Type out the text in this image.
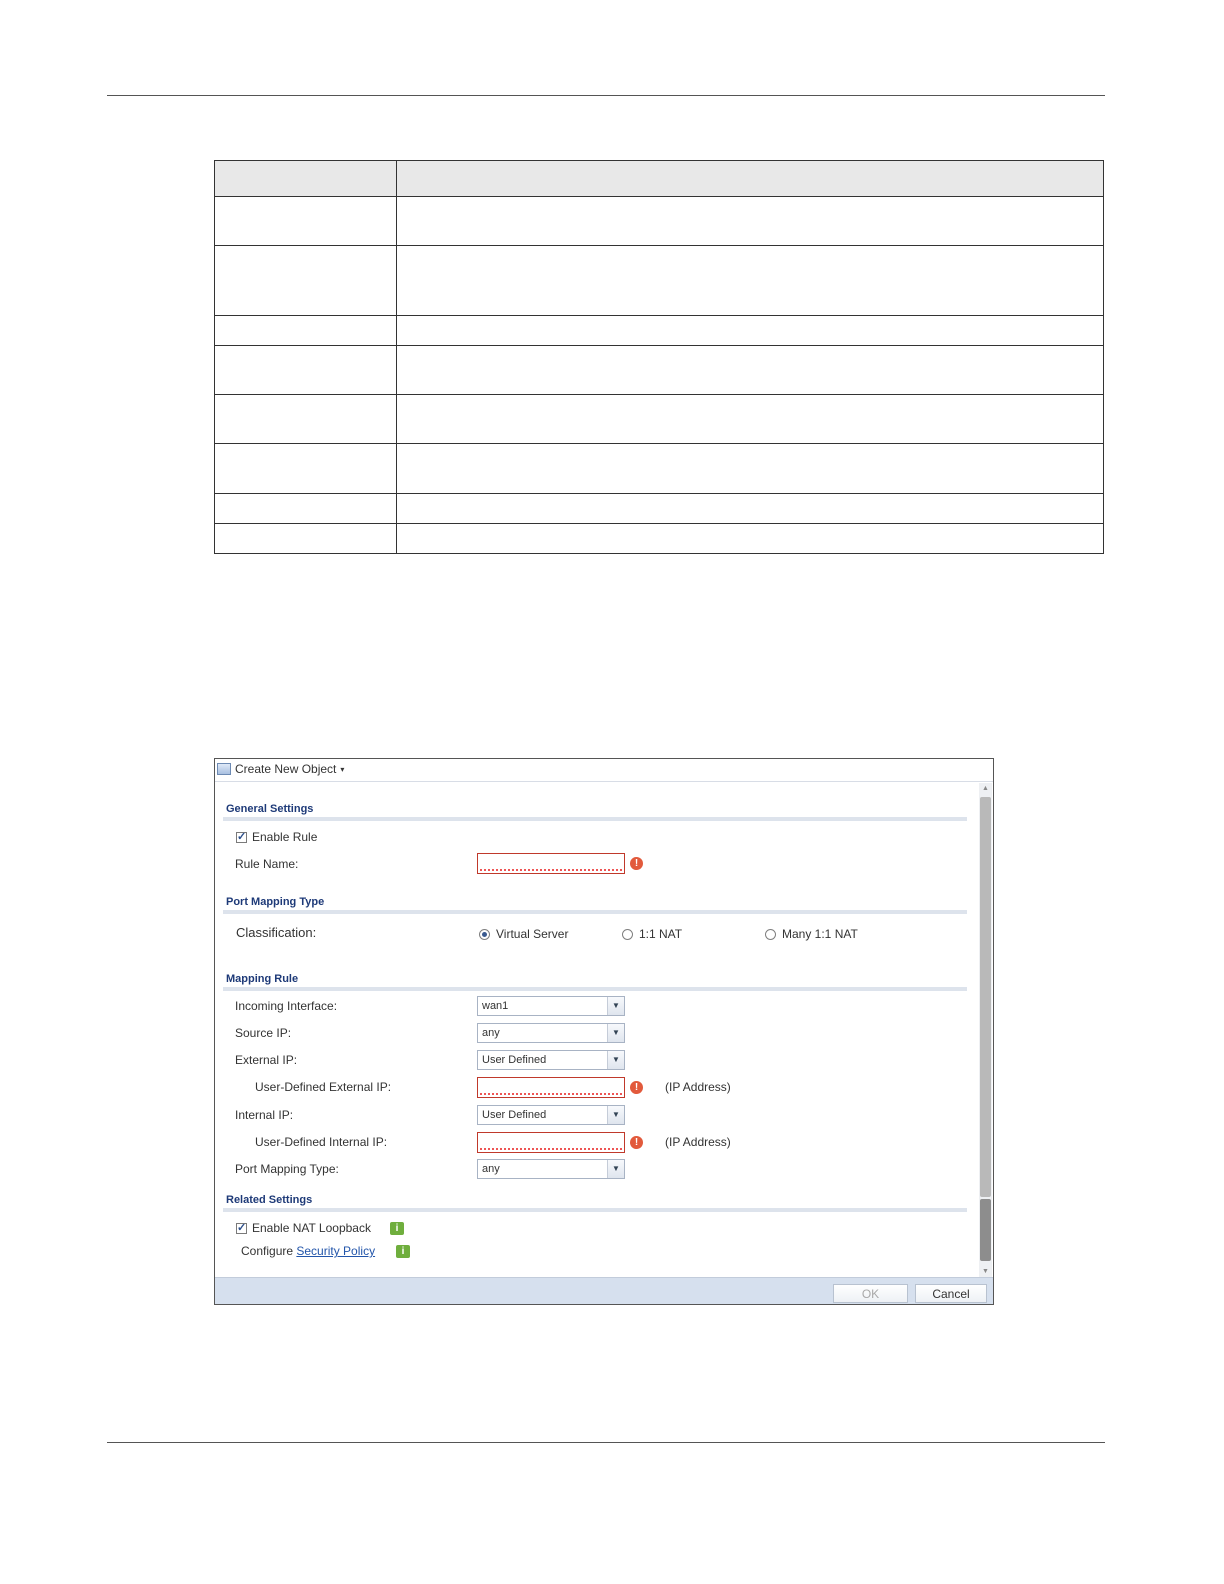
Create New Object ▾
General Settings
✓
Enable Rule
Rule Name:	!
Port Mapping Type
Classification:	Virtual Server	1:1 NAT	Many 1:1 NAT
Mapping Rule
Incoming Interface:	wan1	▼
Source IP:	any	▼
External IP:	User Defined	▼
User-Defined External IP:	!	(IP Address)
Internal IP:	User Defined	▼
User-Defined Internal IP:	!	(IP Address)
Port Mapping Type:	any	▼
Related Settings
✓
Enable NAT Loopback	i
Configure Security Policy	i
▲
▼
OK	Cancel
